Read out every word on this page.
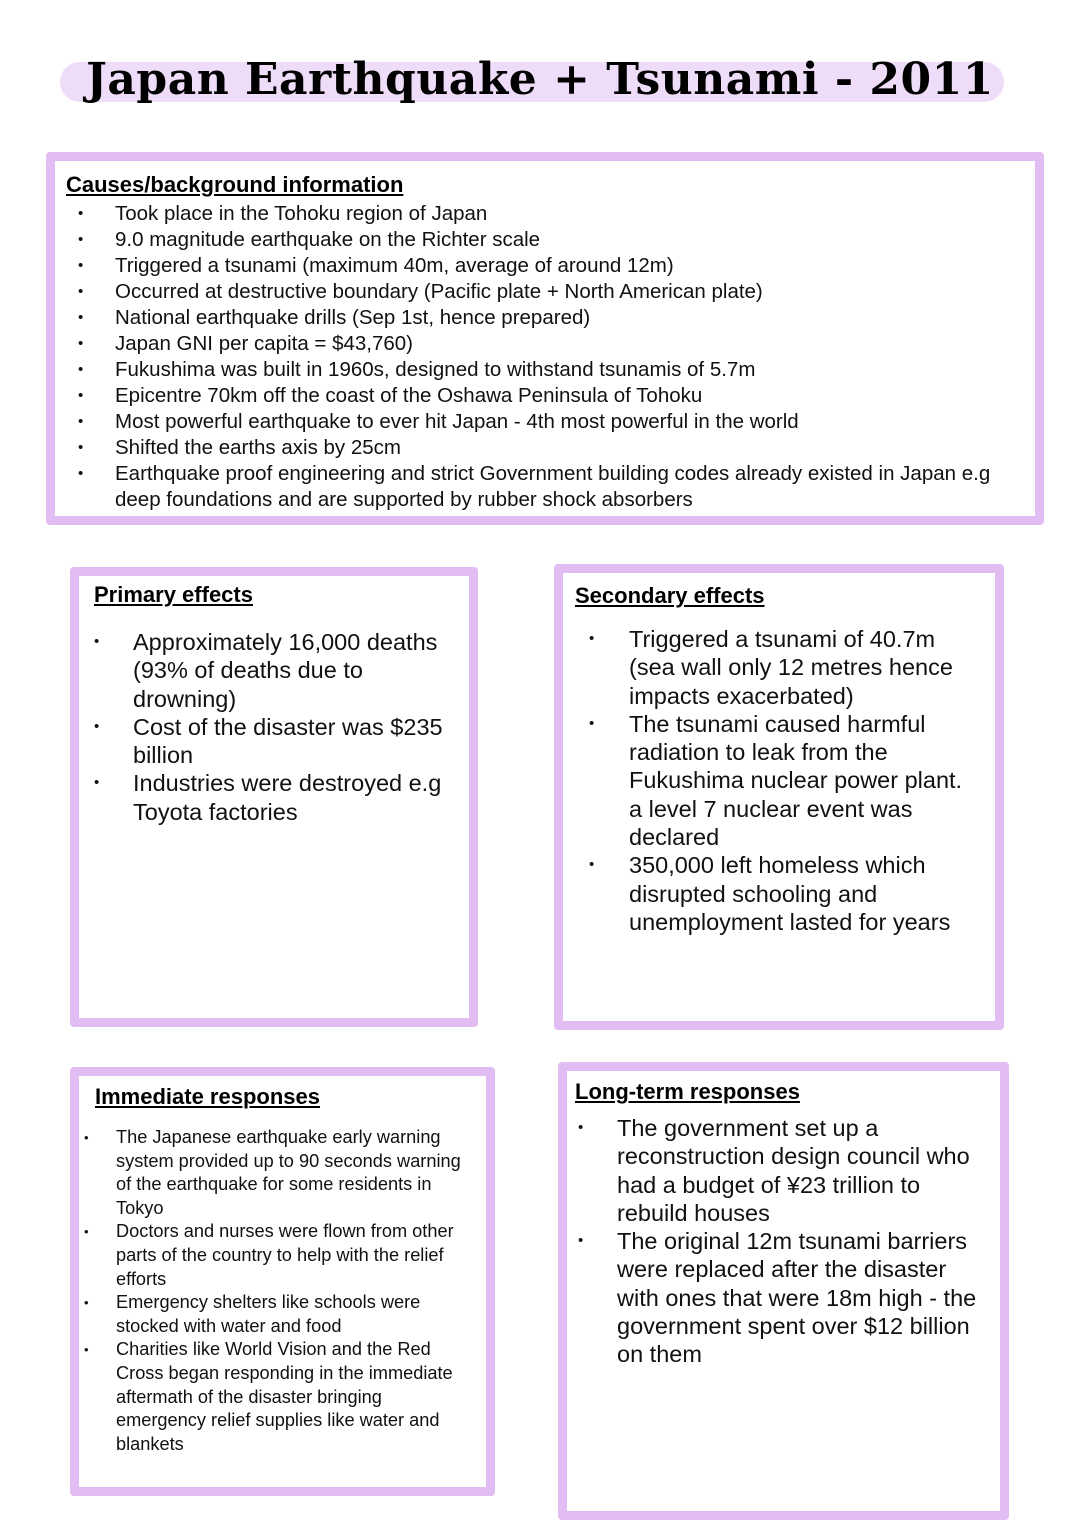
Japan Earthquake + Tsunami - 2011
Causes/background information
• Took place in the Tohoku region of Japan
• 9.0 magnitude earthquake on the Richter scale
• Triggered a tsunami (maximum 40m, average of around 12m)
• Occurred at destructive boundary (Pacific plate + North American plate)
• National earthquake drills (Sep 1st, hence prepared)
• Japan GNI per capita = $43,760)
• Fukushima was built in 1960s, designed to withstand tsunamis of 5.7m
• Epicentre 70km off the coast of the Oshawa Peninsula of Tohoku
• Most powerful earthquake to ever hit Japan - 4th most powerful in the world
• Shifted the earths axis by 25cm
• Earthquake proof engineering and strict Government building codes already existed in Japan e.g deep foundations and are supported by rubber shock absorbers
Primary effects
• Approximately 16,000 deaths (93% of deaths due to drowning)
• Cost of the disaster was $235 billion
• Industries were destroyed e.g Toyota factories
Secondary effects
• Triggered a tsunami of 40.7m (sea wall only 12 metres hence impacts exacerbated)
• The tsunami caused harmful radiation to leak from the Fukushima nuclear power plant. a level 7 nuclear event was declared
• 350,000 left homeless which disrupted schooling and unemployment lasted for years
Immediate responses
• The Japanese earthquake early warning system provided up to 90 seconds warning of the earthquake for some residents in Tokyo
• Doctors and nurses were flown from other parts of the country to help with the relief efforts
• Emergency shelters like schools were stocked with water and food
• Charities like World Vision and the Red Cross began responding in the immediate aftermath of the disaster bringing emergency relief supplies like water and blankets
Long-term responses
• The government set up a reconstruction design council who had a budget of ¥23 trillion to rebuild houses
• The original 12m tsunami barriers were replaced after the disaster with ones that were 18m high - the government spent over $12 billion on them
